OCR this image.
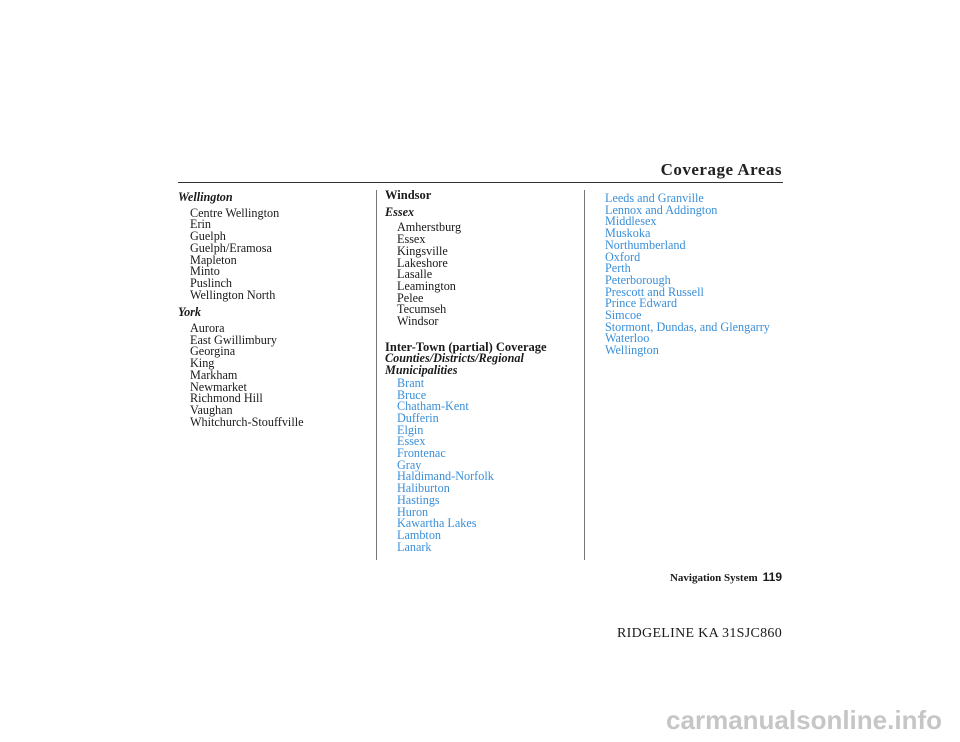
Coverage Areas
Wellington
Centre Wellington
Erin
Guelph
Guelph/Eramosa
Mapleton
Minto
Puslinch
Wellington North
York
Aurora
East Gwillimbury
Georgina
King
Markham
Newmarket
Richmond Hill
Vaughan
Whitchurch-Stouffville
Windsor
Essex
Amherstburg
Essex
Kingsville
Lakeshore
Lasalle
Leamington
Pelee
Tecumseh
Windsor
Inter-Town (partial) Coverage
Counties/Districts/Regional
Municipalities
Brant
Bruce
Chatham-Kent
Dufferin
Elgin
Essex
Frontenac
Gray
Haldimand-Norfolk
Haliburton
Hastings
Huron
Kawartha Lakes
Lambton
Lanark
Leeds and Granville
Lennox and Addington
Middlesex
Muskoka
Northumberland
Oxford
Perth
Peterborough
Prescott and Russell
Prince Edward
Simcoe
Stormont, Dundas, and Glengarry
Waterloo
Wellington
Navigation System 119
RIDGELINE KA 31SJC860
carmanualsonline.info
